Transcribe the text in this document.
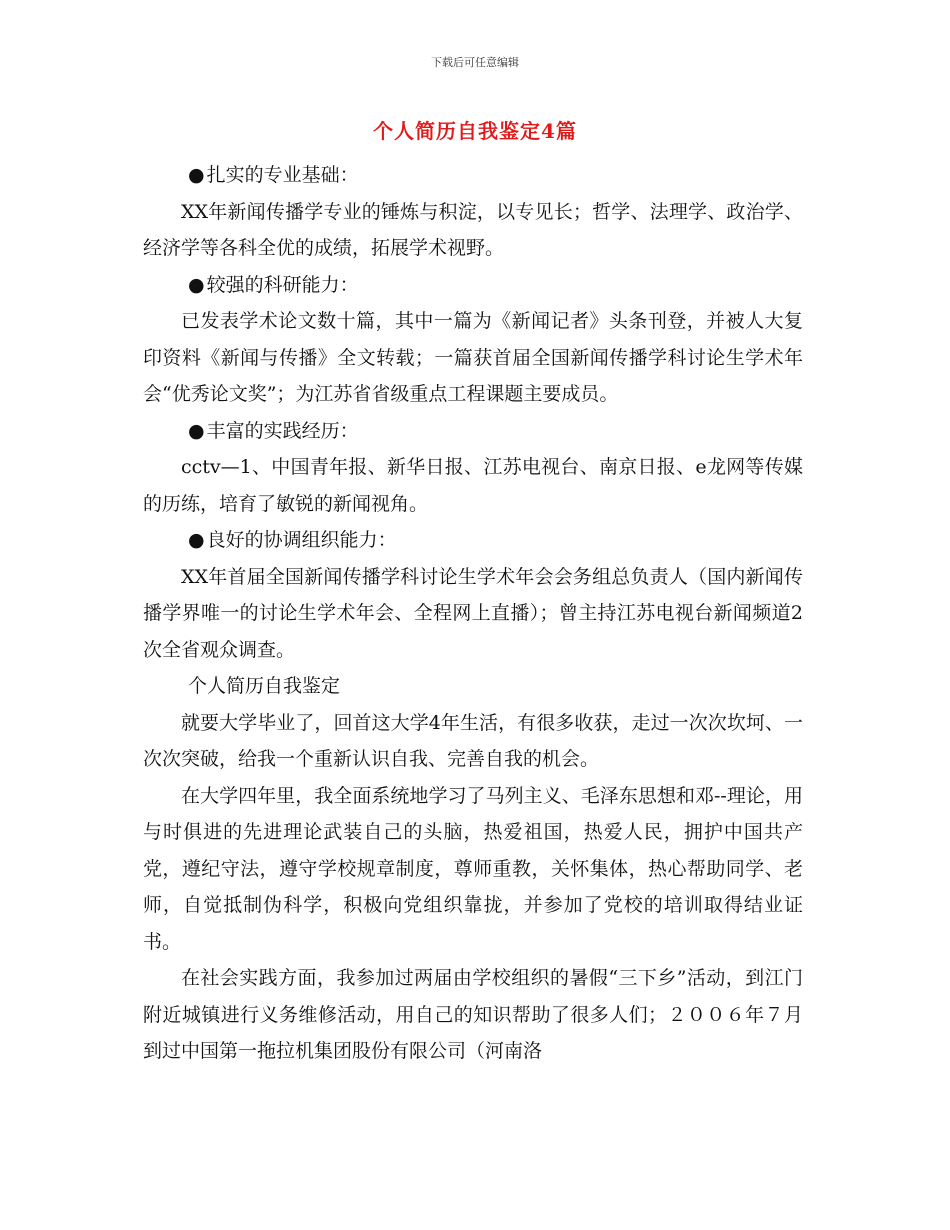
下载后可任意编辑
个人简历自我鉴定4篇

● 扎实的专业基础：

XX年新闻传播学专业的锤炼与积淀，以专见长；哲学、法理学、政治学、经济学等各科全优的成绩，拓展学术视野。

● 较强的科研能力：

已发表学术论文数十篇，其中一篇为《新闻记者》头条刊登，并被人大复印资料《新闻与传播》全文转载；一篇获首届全国新闻传播学科讨论生学术年会“优秀论文奖”；为江苏省省级重点工程课题主要成员。

● 丰富的实践经历：

cctv—1、中国青年报、新华日报、江苏电视台、南京日报、e龙网等传媒的历练，培育了敏锐的新闻视角。

● 良好的协调组织能力：

XX年首届全国新闻传播学科讨论生学术年会会务组总负责人（国内新闻传播学界唯一的讨论生学术年会、全程网上直播）；曾主持江苏电视台新闻频道2次全省观众调查。

个人简历自我鉴定

就要大学毕业了，回首这大学4年生活，有很多收获，走过一次次坎坷、一次次突破，给我一个重新认识自我、完善自我的机会。

在大学四年里，我全面系统地学习了马列主义、毛泽东思想和邓--理论，用与时俱进的先进理论武装自己的头脑，热爱祖国，热爱人民，拥护中国共产党，遵纪守法，遵守学校规章制度，尊师重教，关怀集体，热心帮助同学、老师，自觉抵制伪科学，积极向党组织靠拢，并参加了党校的培训取得结业证书。

在社会实践方面，我参加过两届由学校组织的暑假“三下乡”活动，到江门附近城镇进行义务维修活动，用自己的知识帮助了很多人们；２００６年７月到过中国第一拖拉机集团股份有限公司（河南洛
